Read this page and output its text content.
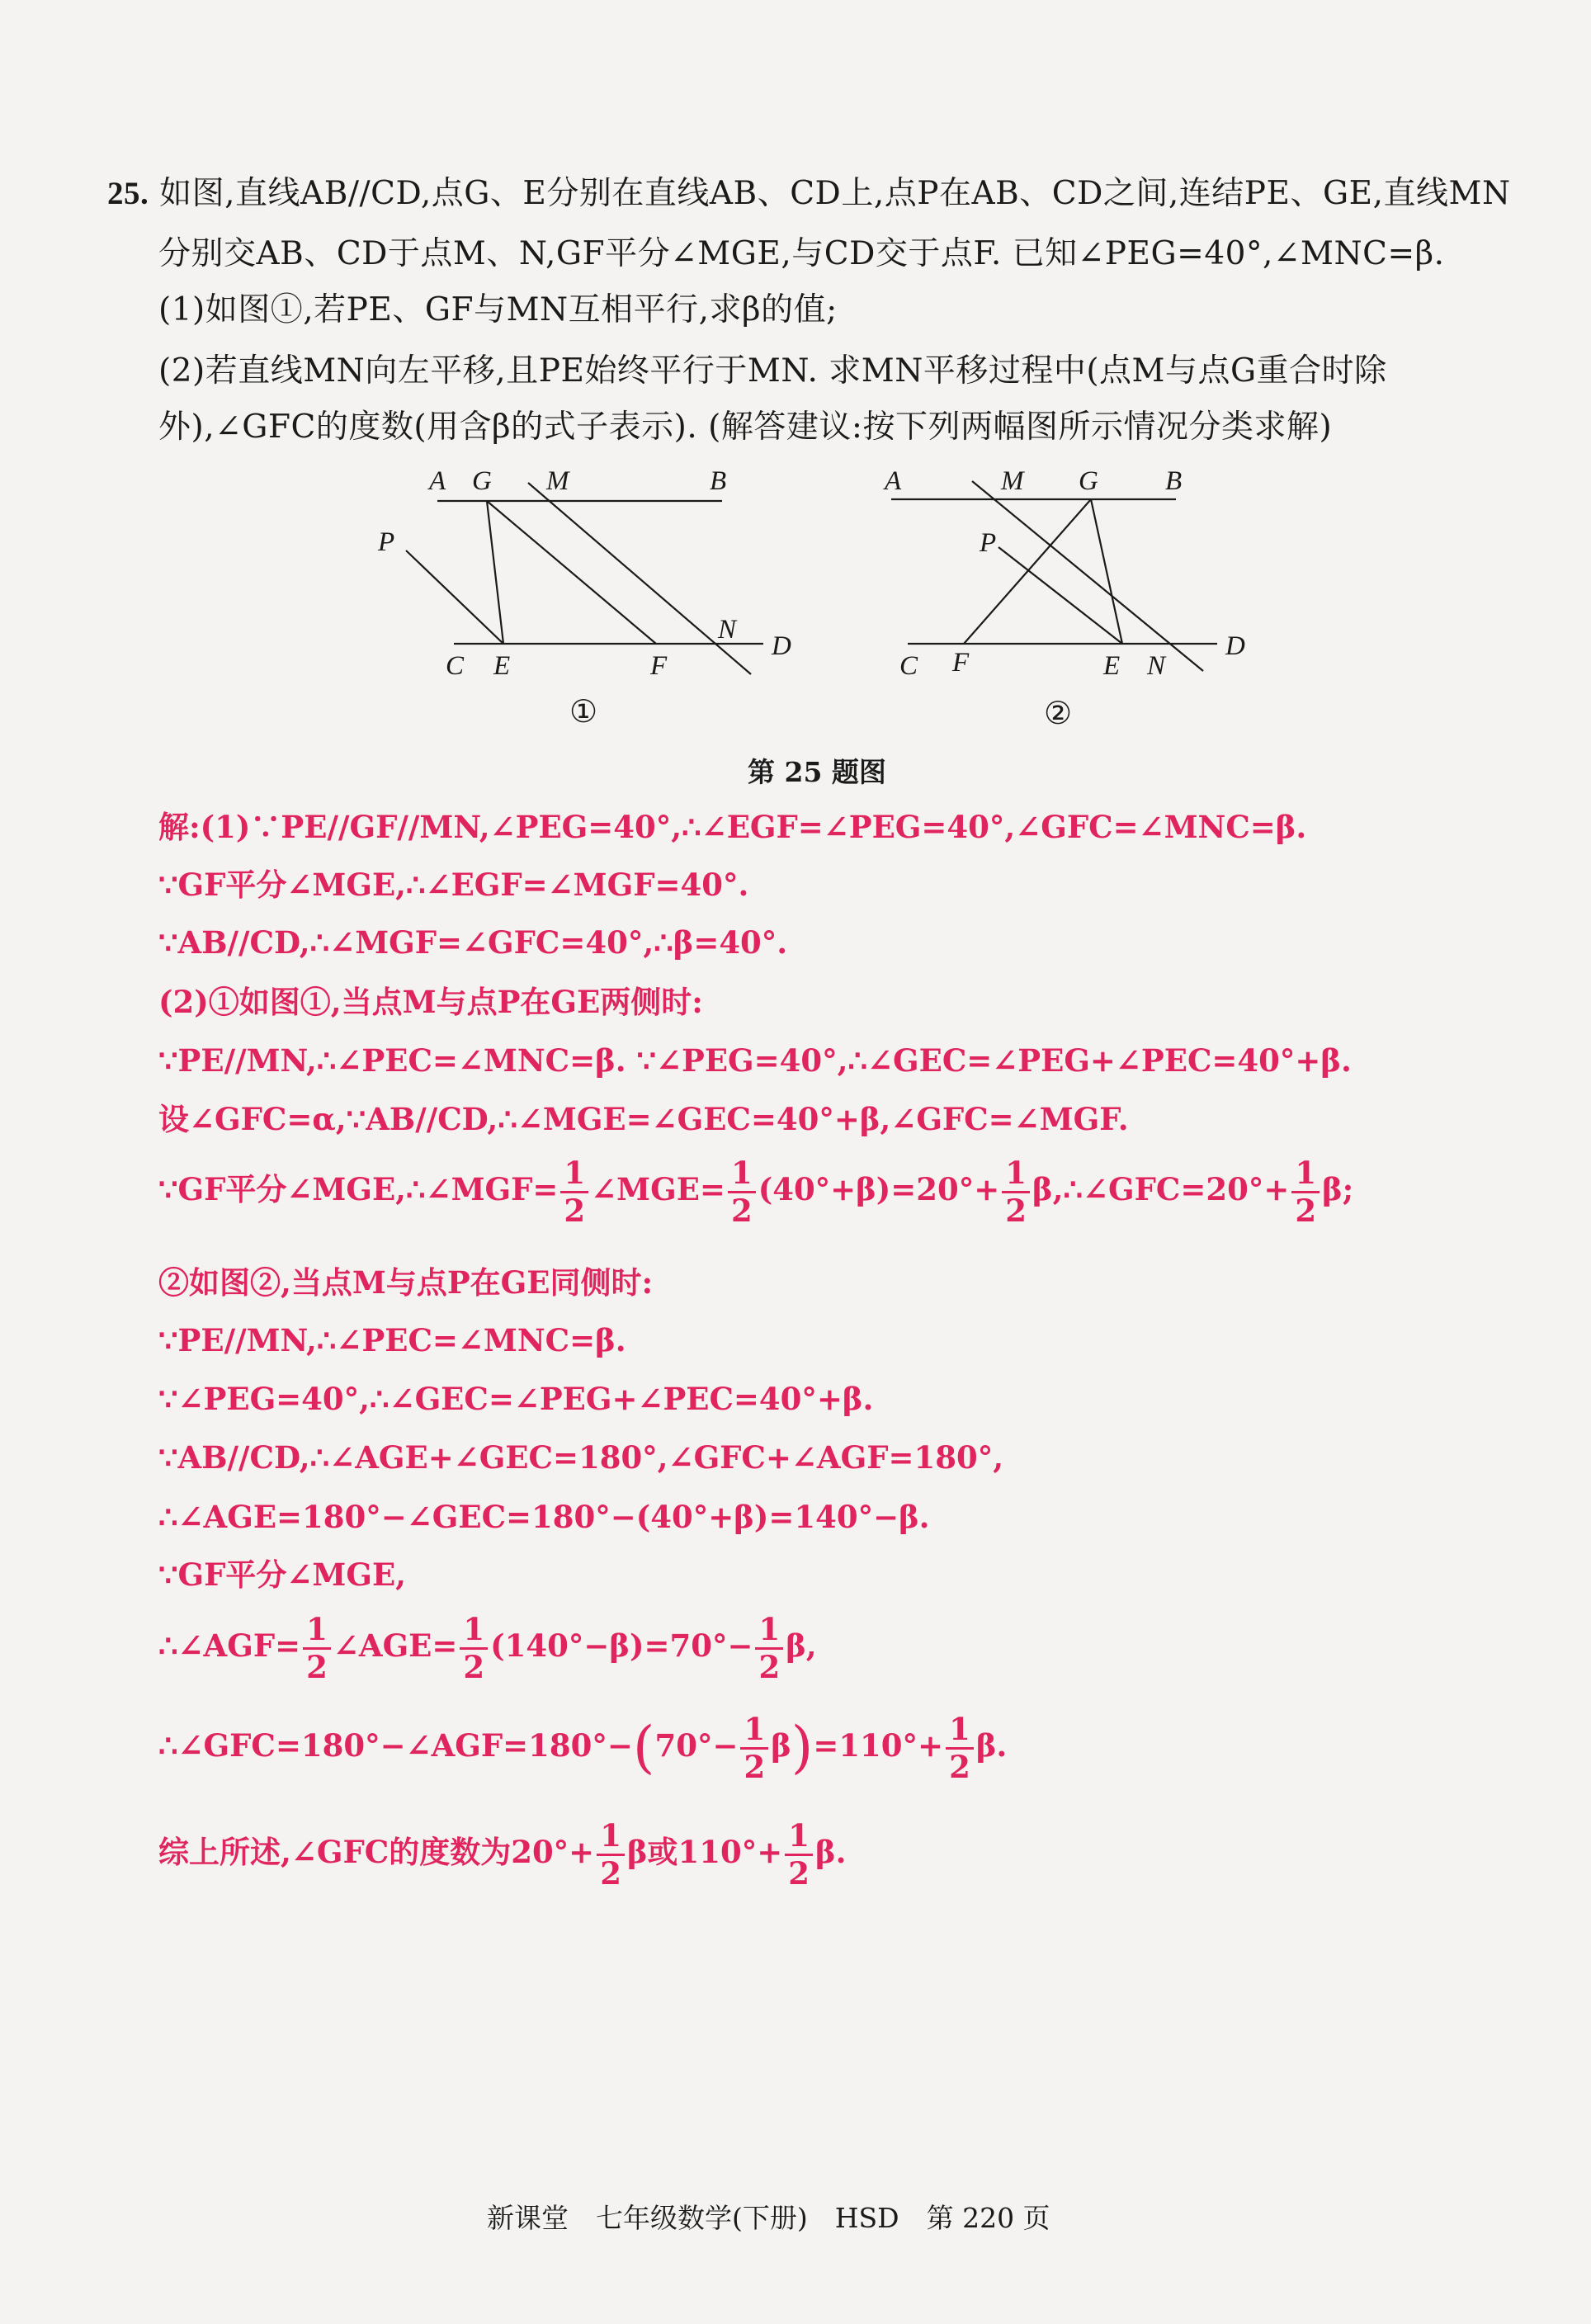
25. 如图,直线AB//CD,点G、E分别在直线AB、CD上,点P在AB、CD之间,连结PE、GE,直线MN
分别交AB、CD于点M、N,GF平分∠MGE,与CD交于点F. 已知∠PEG=40°,∠MNC=β.
(1)如图①,若PE、GF与MN互相平行,求β的值;
(2)若直线MN向左平移,且PE始终平行于MN. 求MN平移过程中(点M与点G重合时除
外),∠GFC的度数(用含β的式子表示). (解答建议:按下列两幅图所示情况分类求解)
A G M	B
P
N
D
C E	F
①
A	M G B
P
C F	E N
D
②
第 25 题图
解:(1)∵PE//GF//MN,∠PEG=40°,∴∠EGF=∠PEG=40°,∠GFC=∠MNC=β.
∵GF平分∠MGE,∴∠EGF=∠MGF=40°.
∵AB//CD,∴∠MGF=∠GFC=40°,∴β=40°.
(2)①如图①,当点M与点P在GE两侧时:
∵PE//MN,∴∠PEC=∠MNC=β. ∵∠PEG=40°,∴∠GEC=∠PEG+∠PEC=40°+β.
设∠GFC=α,∵AB//CD,∴∠MGE=∠GEC=40°+β,∠GFC=∠MGF.
∵GF平分∠MGE,∴∠MGF= $\frac{1}{2}$ ∠MGE= $\frac{1}{2} (40^\circ+\beta)=20^\circ+ \frac{1}{2}$ β,∴∠GFC=20°+ $\frac{1}{2} \beta$;
②如图②,当点M与点P在GE同侧时:
∵PE//MN,∴∠PEC=∠MNC=β.
∵∠PEG=40°,∴∠GEC=∠PEG+∠PEC=40°+β.
∵AB//CD,∴∠AGE+∠GEC=180°,∠GFC+∠AGF=180°,
∴∠AGE=180°−∠GEC=180°−(40°+β)=140°−β.
∵GF平分∠MGE,
∴∠AGF= $\frac{1}{2}$ ∠AGE= $\frac{1}{2} (140^\circ-\beta)=70^\circ- \frac{1}{2} \beta$,
∴∠GFC=180°−∠AGF=180°−(70°− $\frac{1}{2} \beta)=110^\circ+ \frac{1}{2} \beta$.
综上所述,∠GFC的度数为$20^\circ+ \frac{1}{2}$ β或$110^\circ+ \frac{1}{2} \beta$.
新课堂　七年级数学(下册)　HSD　第 220 页
